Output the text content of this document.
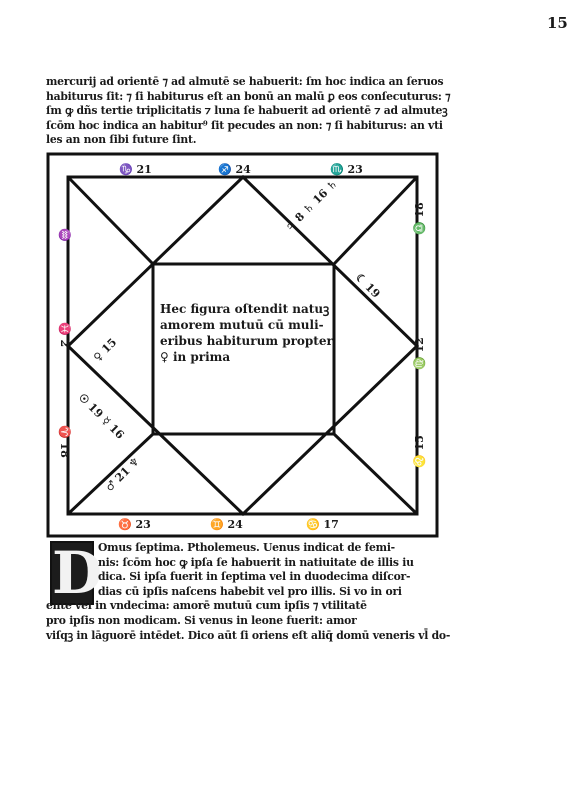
15
mercurij ad orientē ⁊ ad almutē se habuerit: ſm hoc indica an ſeruos
habiturus ſit: ⁊ ſi habiturus eſt an bonū an malū ꝑ eos conſecuturus: ⁊
ſm ꝙ dñs tertie triplicitatis ⁊ luna ſe habuerit ad orientē ⁊ ad almuteꝫ
ſcōm hoc indica an habitur⁹ ſit pecudes an non: ⁊ ſi habiturus: an vti
les an non ſibi future ſint.
Hec figura oſtendit natuꝫ
amorem mutuū cū muli-
eribus habiturum propter
♀ in prima
♑ 21	♐ 24	♏ 23
♉ 23	♊ 24	♋ 17
♒
♓ 2
♈ 18
♎ 18
♍ 12
♌ 15
♃ 8 ♄ 16 ♄
☾ 19
♀ 15
☉ 19 ☿ 16
♂ 21 ♆
D
Omus ſeptima. Ptholemeus. Uenus indicat de femi-
nis: ſcōm hoc ꝙ ipſa ſe habuerit in natiuitate de illis iu
dica. Si ipſa fuerit in ſeptima vel in duodecima diſcor-
dias cū ipſis naſcens habebit vel pro illis. Si vo in ori
ente vel in vndecima: amorē mutuū cum ipſis ⁊ vtilitatē
pro ipſis non modicam. Si venus in leone fuerit: amor
viſqꝫ in lāguorē intēdet. Dico aūt ſi oriens eſt aliq̄ domū veneris vl̄ do-
